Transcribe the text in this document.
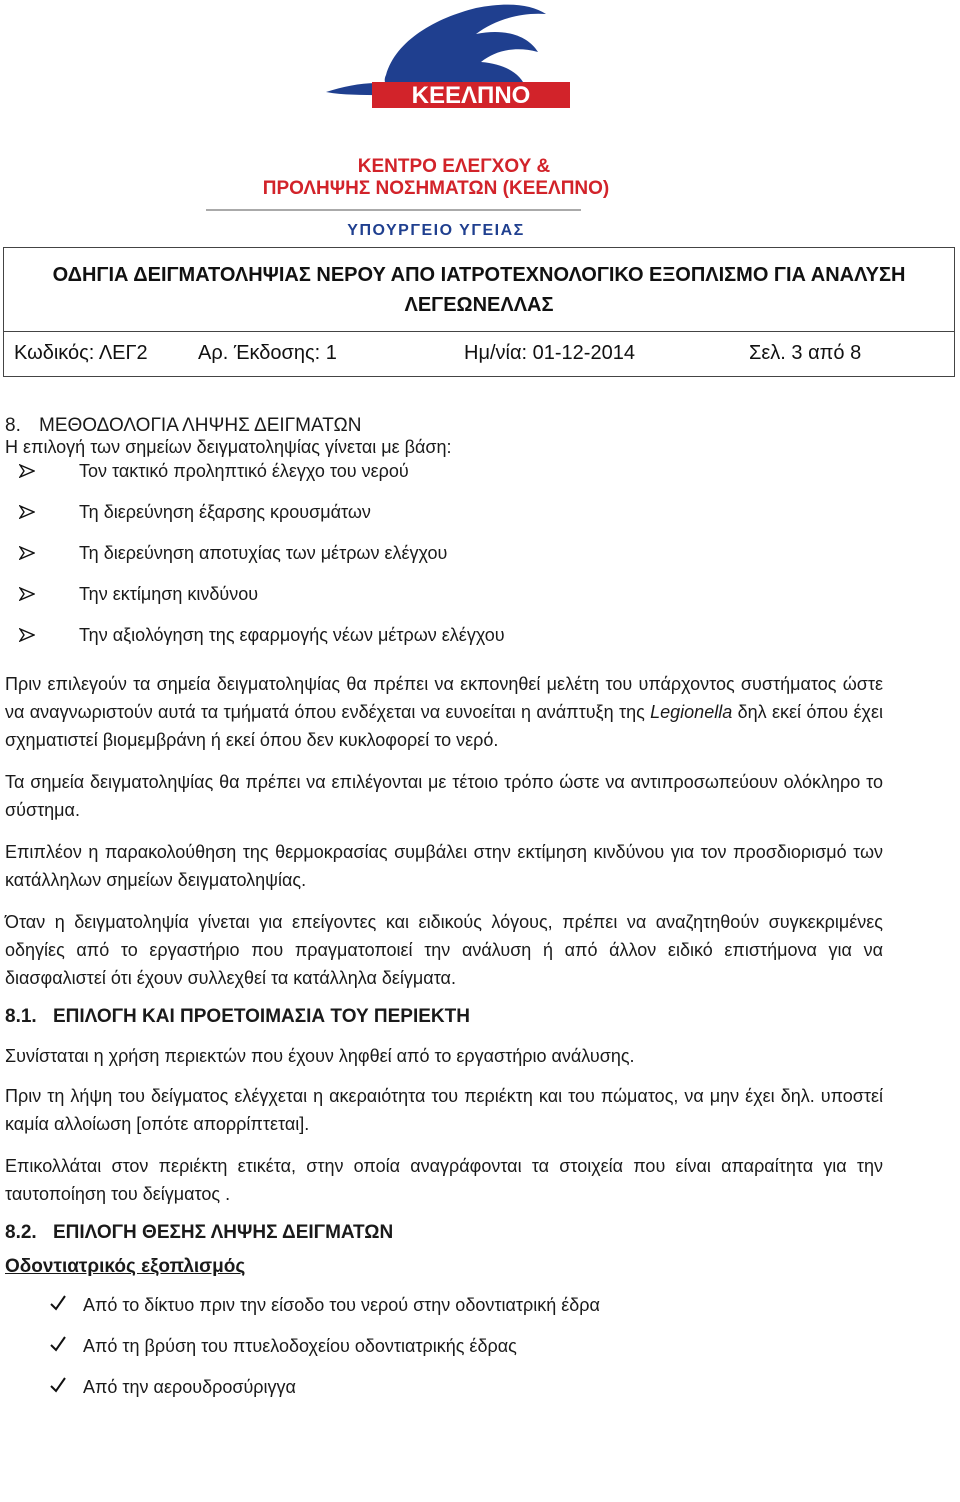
ΚΕΕΛΠΝΟ
ΚΕΝΤΡΟ ΕΛΕΓΧΟΥ &
ΠΡΟΛΗΨΗΣ ΝΟΣΗΜΑΤΩΝ (ΚΕΕΛΠΝΟ)
ΥΠΟΥΡΓΕΙΟ ΥΓΕΙΑΣ
ΟΔΗΓΙΑ ΔΕΙΓΜΑΤΟΛΗΨΙΑΣ ΝΕΡΟΥ ΑΠΟ ΙΑΤΡΟΤΕΧΝΟΛΟΓΙΚΟ ΕΞΟΠΛΙΣΜΟ ΓΙΑ ΑΝΑΛΥΣΗ ΛΕΓΕΩΝΕΛΛΑΣ
Κωδικός: ΛΕΓ2	Αρ. Έκδοσης: 1	Ημ/νία: 01-12-2014	Σελ. 3 από 8

8. ΜΕΘΟΔΟΛΟΓΙΑ ΛΗΨΗΣ ΔΕΙΓΜΑΤΩΝ

Η επιλογή των σημείων δειγματοληψίας γίνεται με βάση:

Τον τακτικό προληπτικό έλεγχο του νερού
Τη διερεύνηση έξαρσης κρουσμάτων
Τη διερεύνηση αποτυχίας των μέτρων ελέγχου
Την εκτίμηση κινδύνου
Την αξιολόγηση της εφαρμογής νέων μέτρων ελέγχου

Πριν επιλεγούν τα σημεία δειγματοληψίας θα πρέπει να εκπονηθεί μελέτη του υπάρχοντος συστήματος ώστε να αναγνωριστούν αυτά τα τμήματά όπου ενδέχεται να ευνοείται η ανάπτυξη της Legionella δηλ εκεί όπου έχει σχηματιστεί βιομεμβράνη ή εκεί όπου δεν κυκλοφορεί το νερό.

Τα σημεία δειγματοληψίας θα πρέπει να επιλέγονται με τέτοιο τρόπο ώστε να αντιπροσωπεύουν ολόκληρο το σύστημα.

Επιπλέον η παρακολούθηση της θερμοκρασίας συμβάλει στην εκτίμηση κινδύνου για τον προσδιορισμό των κατάλληλων σημείων δειγματοληψίας.

Όταν η δειγματοληψία γίνεται για επείγοντες και ειδικούς λόγους, πρέπει να αναζητηθούν συγκεκριμένες οδηγίες από το εργαστήριο που πραγματοποιεί την ανάλυση ή από άλλον ειδικό επιστήμονα για να διασφαλιστεί ότι έχουν συλλεχθεί τα κατάλληλα δείγματα.

8.1. ΕΠΙΛΟΓΗ ΚΑΙ ΠΡΟΕΤΟΙΜΑΣΙΑ ΤΟΥ ΠΕΡΙΕΚΤΗ

Συνίσταται η χρήση περιεκτών που έχουν ληφθεί από το εργαστήριο ανάλυσης.

Πριν τη λήψη του δείγματος ελέγχεται η ακεραιότητα του περιέκτη και του πώματος, να μην έχει δηλ. υποστεί καμία αλλοίωση [οπότε απορρίπτεται].

Επικολλάται στον περιέκτη ετικέτα, στην οποία αναγράφονται τα στοιχεία που είναι απαραίτητα για την ταυτοποίηση του δείγματος .

8.2. ΕΠΙΛΟΓΗ ΘΕΣΗΣ ΛΗΨΗΣ ΔΕΙΓΜΑΤΩΝ

Οδοντιατρικός εξοπλισμός

Από το δίκτυο πριν την είσοδο του νερού στην οδοντιατρική έδρα
Από τη βρύση του πτυελοδοχείου οδοντιατρικής έδρας
Από την αερουδροσύριγγα
